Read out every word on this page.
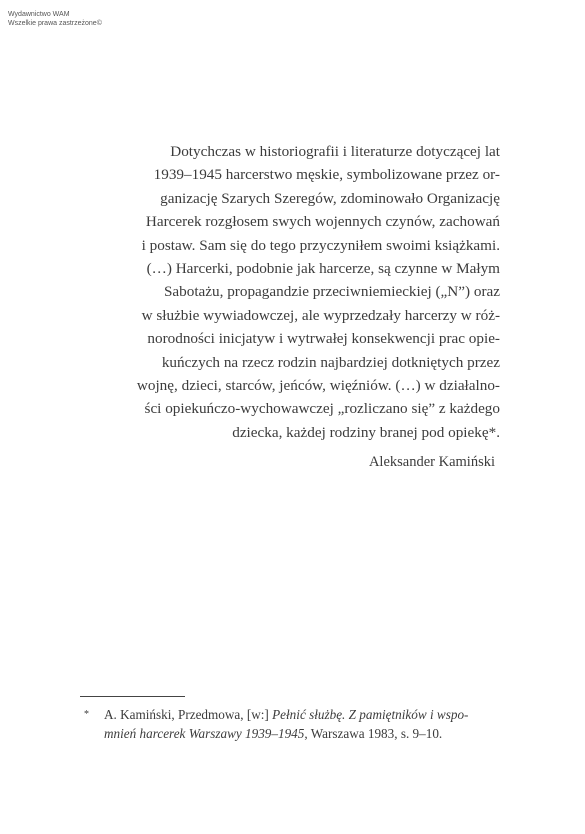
Wydawnictwo WAM
Wszelkie prawa zastrzeżone©
Dotychczas w historiografii i literaturze dotyczącej lat
1939–1945 harcerstwo męskie, symbolizowane przez or-
ganizację Szarych Szeregów, zdominowało Organizację
Harcerek rozgłosem swych wojennych czynów, zachowań
i postaw. Sam się do tego przyczyniłem swoimi książkami.
(…) Harcerki, podobnie jak harcerze, są czynne w Małym
Sabotażu, propagandzie przeciwniemieckiej („N”) oraz
w służbie wywiadowczej, ale wyprzedzały harcerzy w róż-
norodności inicjatyw i wytrwałej konsekwencji prac opie-
kuńczych na rzecz rodzin najbardziej dotkniętych przez
wojnę, dzieci, starców, jeńców, więźniów. (…) w działalno-
ści opiekuńczo-wychowawczej „rozliczano się” z każdego
dziecka, każdej rodziny branej pod opiekę*.
Aleksander Kamiński
*	A. Kamiński, Przedmowa, [w:] Pełnić służbę. Z pamiętników i wspo-
mnień harcerek Warszawy 1939–1945, Warszawa 1983, s. 9–10.
